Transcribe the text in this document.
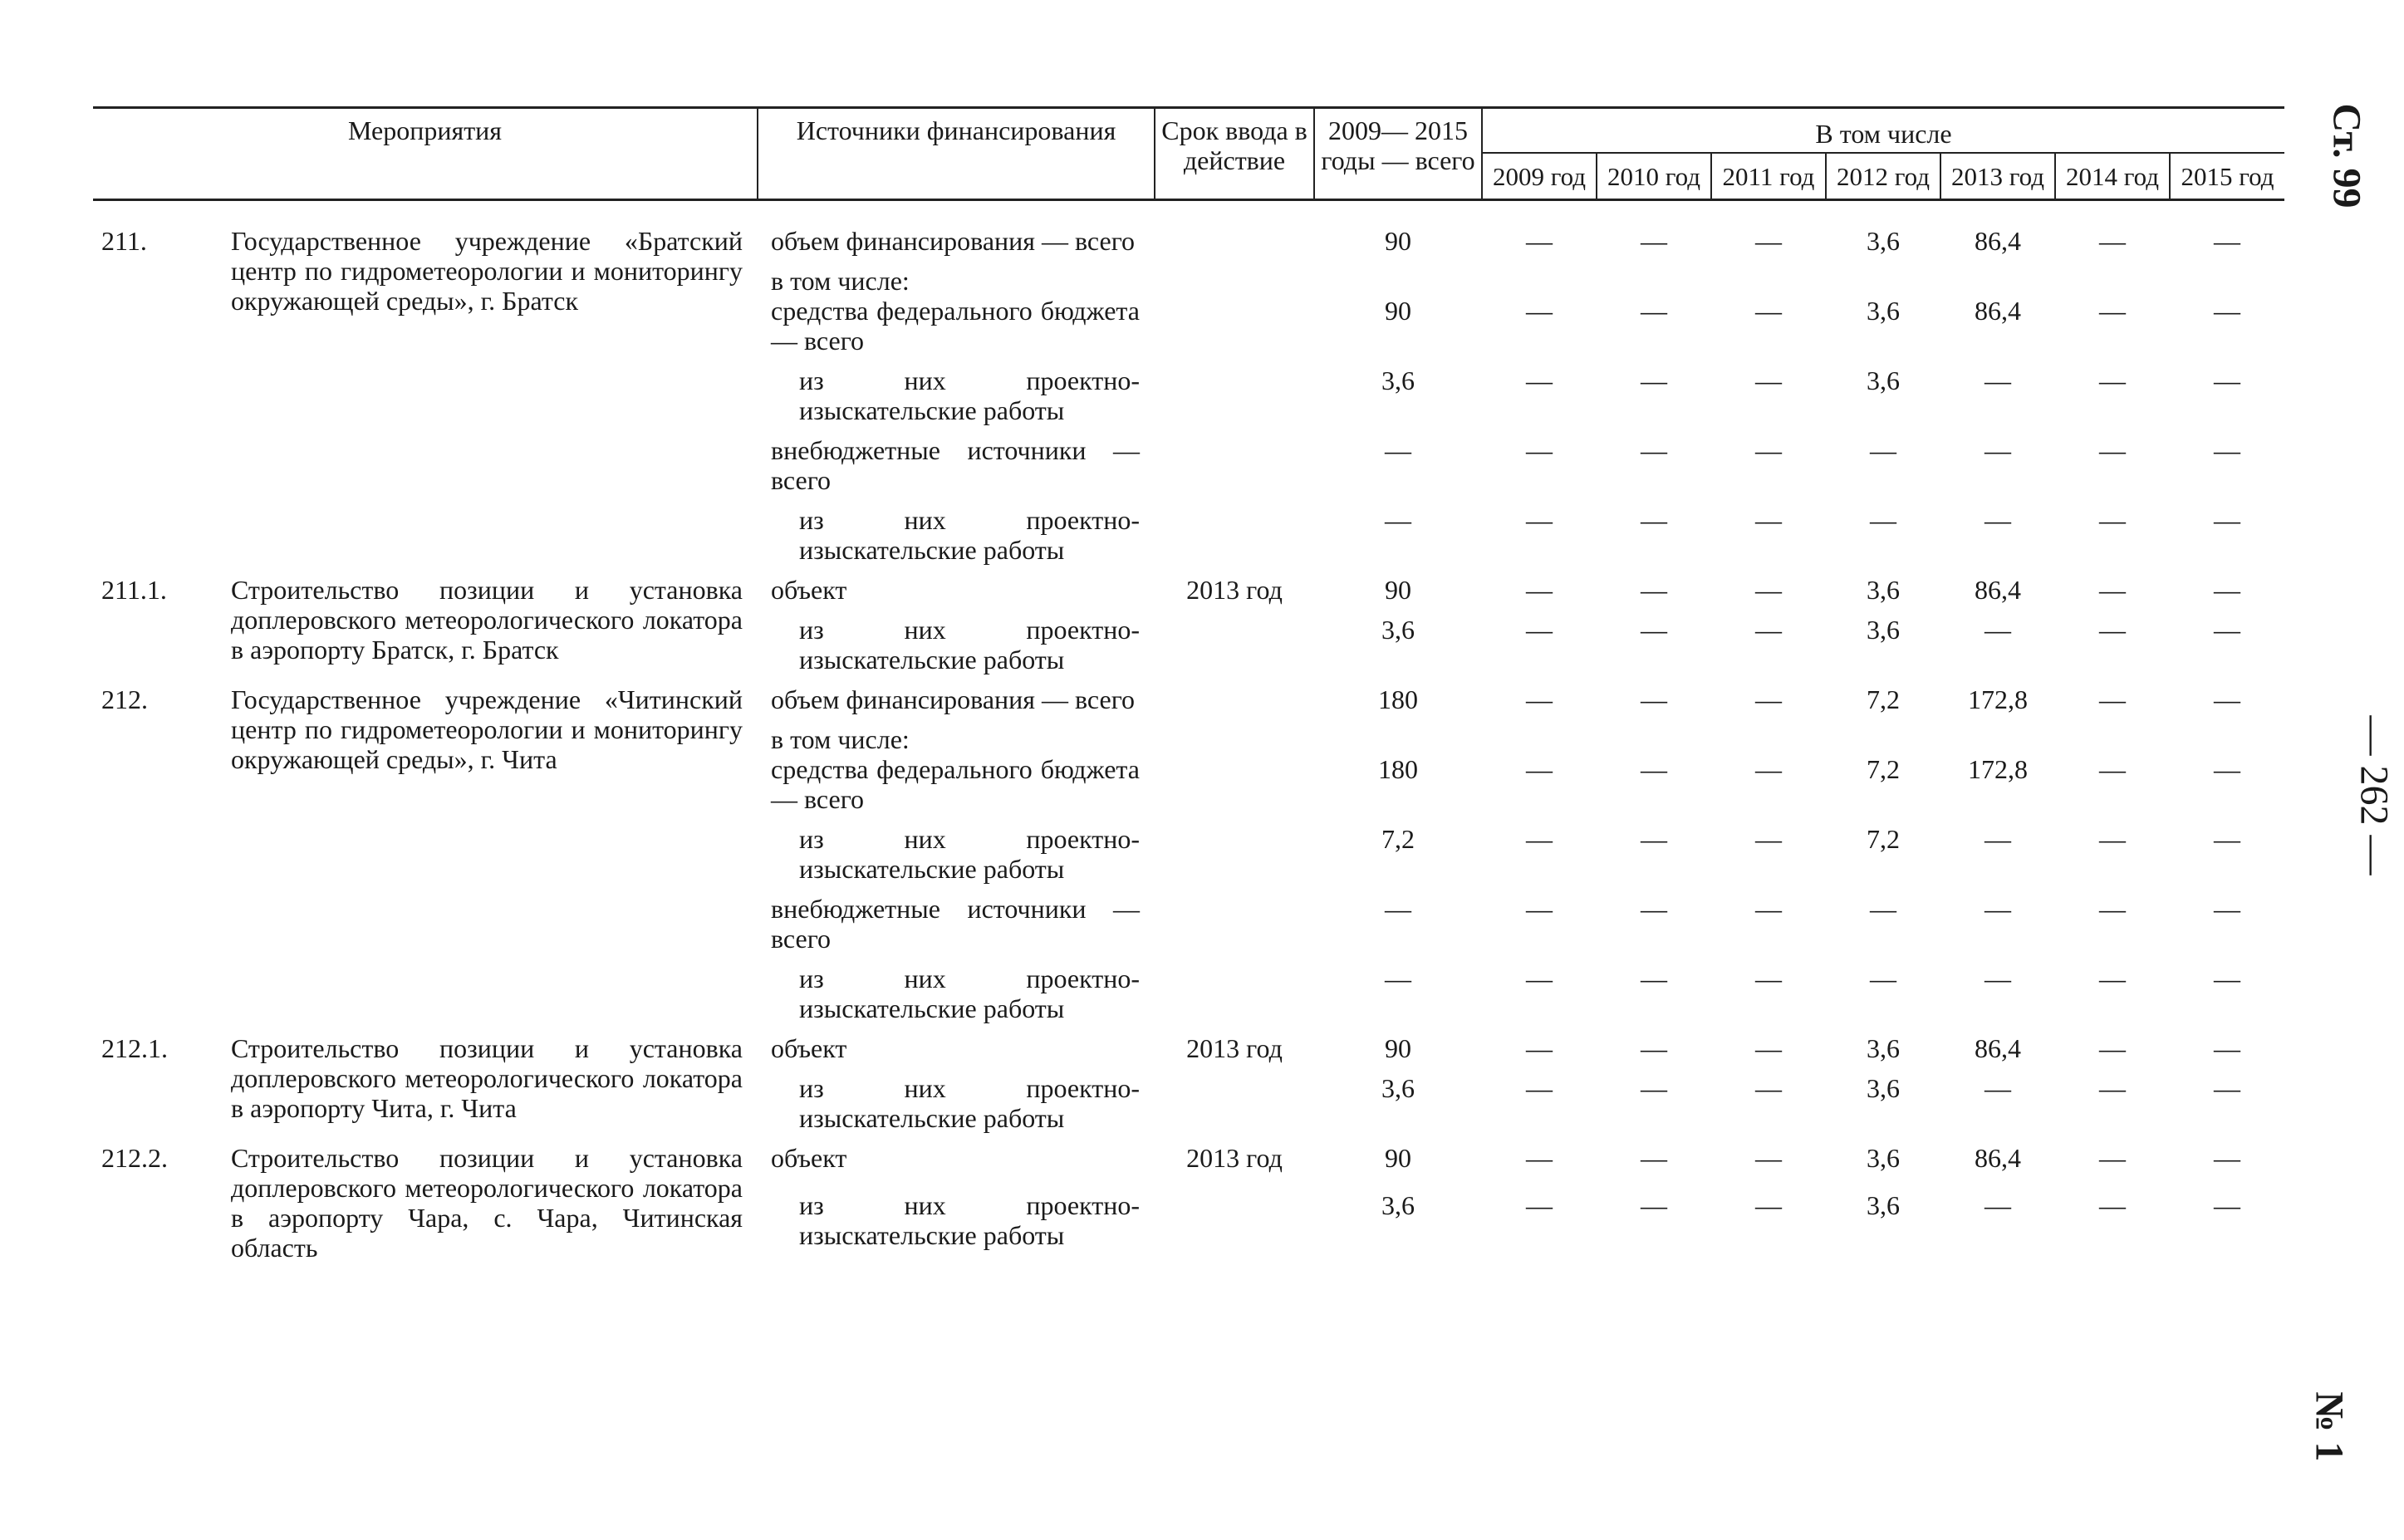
Мероприятия		Источники финансирования	Срок ввода в действие	2009— 2015 годы — всего	В том числе						
					2009 год	2010 год	2011 год	2012 год	2013 год	2014 год	2015 год

211.	Государственное учреждение «Братский центр по гидрометеорологии и мониторингу окружающей среды», г. Братск	объем финансирования — всего		90	—	—	—	3,6	86,4	—	—
		в том числе:									
		средства федерального бюджета — всего		90	—	—	—	3,6	86,4	—	—
		из них проектно-изыскательские работы		3,6	—	—	—	3,6	—	—	—
		внебюджетные источники — всего		—	—	—	—	—	—	—	—
		из них проектно-изыскательские работы		—	—	—	—	—	—	—	—
211.1.	Строительство позиции и установка доплеровского метеорологического локатора в аэропорту Братск, г. Братск	объект	2013 год	90	—	—	—	3,6	86,4	—	—
		из них проектно-изыскательские работы		3,6	—	—	—	3,6	—	—	—
212.	Государственное учреждение «Читинский центр по гидрометеорологии и мониторингу окружающей среды», г. Чита	объем финансирования — всего		180	—	—	—	7,2	172,8	—	—
		в том числе:									
		средства федерального бюджета — всего		180	—	—	—	7,2	172,8	—	—
		из них проектно-изыскательские работы		7,2	—	—	—	7,2	—	—	—
		внебюджетные источники — всего		—	—	—	—	—	—	—	—
		из них проектно-изыскательские работы		—	—	—	—	—	—	—	—
212.1.	Строительство позиции и установка доплеровского метеорологического локатора в аэропорту Чита, г. Чита	объект	2013 год	90	—	—	—	3,6	86,4	—	—
		из них проектно-изыскательские работы		3,6	—	—	—	3,6	—	—	—
212.2.	Строительство позиции и установка доплеровского метеорологического локатора в аэропорту Чара, с. Чара, Читинская область	объект	2013 год	90	—	—	—	3,6	86,4	—	—
		из них проектно-изыскательские работы		3,6	—	—	—	3,6	—	—	—
Ст. 99
— 262 —
№ 1
